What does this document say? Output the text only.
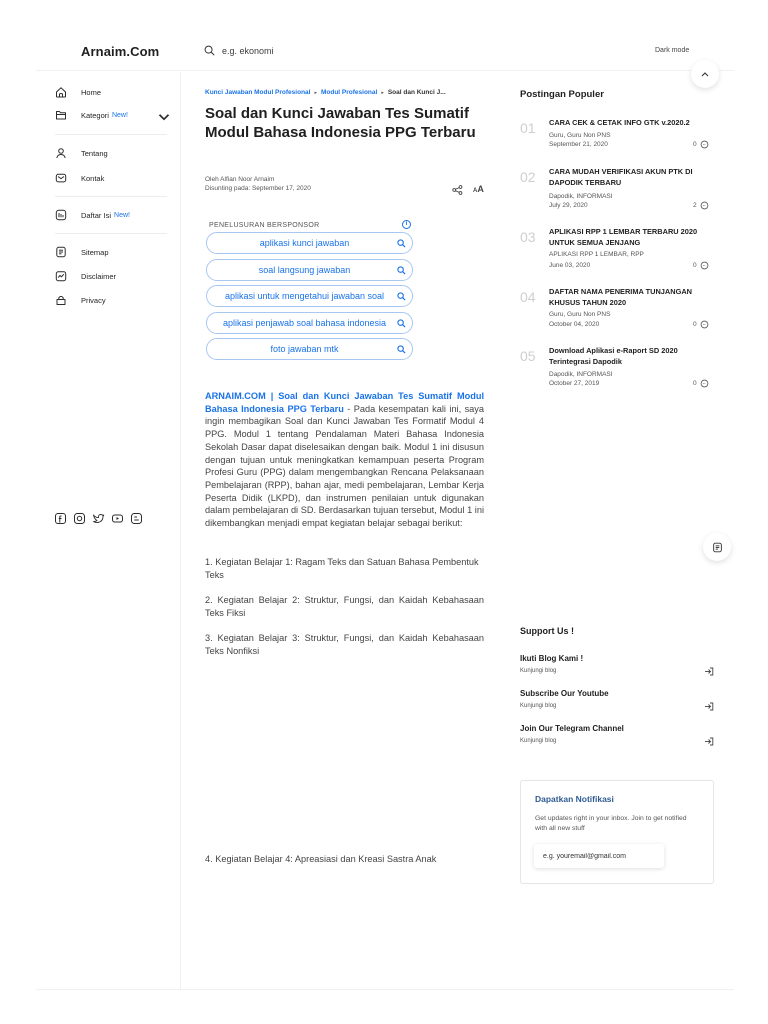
Arnaim.Com
e.g. ekonomi	Dark mode
Home
Kategori New!
Tentang
Kontak
Daftar Isi New!
Sitemap
Disclaimer
Privacy
Kunci Jawaban Modul Profesional ▸ Modul Profesional ▸ Soal dan Kunci J...
Soal dan Kunci Jawaban Tes Sumatif Modul Bahasa Indonesia PPG Terbaru
Oleh Alfian Noor Arnaim
Disunting pada: September 17, 2020	AA
PENELUSURAN BERSPONSOR	i
aplikasi kunci jawaban
soal langsung jawaban
aplikasi untuk mengetahui jawaban soal
aplikasi penjawab soal bahasa indonesia
foto jawaban mtk

ARNAIM.COM | Soal dan Kunci Jawaban Tes Sumatif Modul Bahasa Indonesia PPG Terbaru - Pada kesempatan kali ini, saya ingin membagikan Soal dan Kunci Jawaban Tes Formatif Modul 4 PPG. Modul 1 tentang Pendalaman Materi Bahasa Indonesia Sekolah Dasar dapat diselesaikan dengan baik. Modul 1 ini disusun dengan tujuan untuk meningkatkan kemampuan peserta Program Profesi Guru (PPG) dalam mengembangkan Rencana Pelaksanaan Pembelajaran (RPP), bahan ajar, medi pembelajaran, Lembar Kerja Peserta Didik (LKPD), dan instrumen penilaian untuk digunakan dalam pembelajaran di SD. Berdasarkan tujuan tersebut, Modul 1 ini dikembangkan menjadi empat kegiatan belajar sebagai berikut:

1. Kegiatan Belajar 1: Ragam Teks dan Satuan Bahasa Pembentuk Teks

2. Kegiatan Belajar 2: Struktur, Fungsi, dan Kaidah Kebahasaan Teks Fiksi

3. Kegiatan Belajar 3: Struktur, Fungsi, dan Kaidah Kebahasaan Teks Nonfiksi

4. Kegiatan Belajar 4: Apreasiasi dan Kreasi Sastra Anak

Postingan Populer
01 CARA CEK & CETAK INFO GTK v.2020.2
Guru, Guru Non PNS
September 21, 2020	0
02 CARA MUDAH VERIFIKASI AKUN PTK DI DAPODIK TERBARU
Dapodik, INFORMASI
July 29, 2020	2
03 APLIKASI RPP 1 LEMBAR TERBARU 2020 UNTUK SEMUA JENJANG
APLIKASI RPP 1 LEMBAR, RPP
June 03, 2020	0
04 DAFTAR NAMA PENERIMA TUNJANGAN KHUSUS TAHUN 2020
Guru, Guru Non PNS
October 04, 2020	0
05 Download Aplikasi e-Raport SD 2020 Terintegrasi Dapodik
Dapodik, INFORMASI
October 27, 2019	0
Support Us !
Ikuti Blog Kami !
Kunjungi blog
Subscribe Our Youtube
Kunjungi blog
Join Our Telegram Channel
Kunjungi blog
Dapatkan Notifikasi
Get updates right in your inbox. Join to get notified with all new stuff
e.g. youremail@gmail.com
